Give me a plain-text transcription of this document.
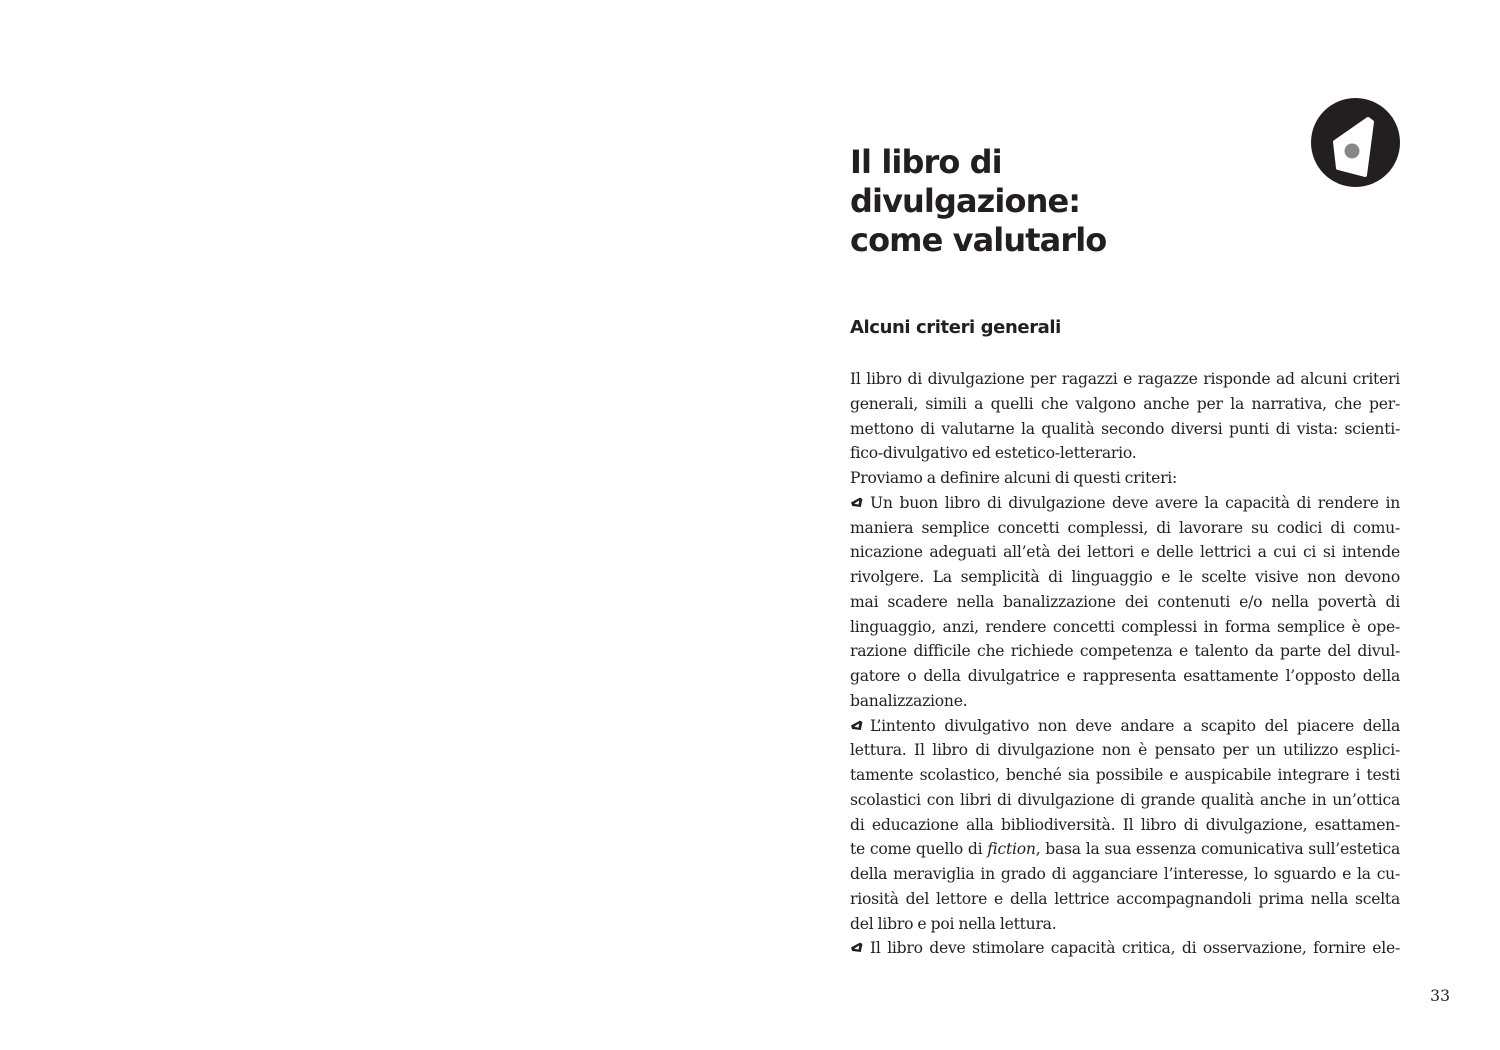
Il libro di
divulgazione:
come valutarlo
Alcuni criteri generali
Il libro di divulgazione per ragazzi e ragazze risponde ad alcuni criteri
generali, simili a quelli che valgono anche per la narrativa, che per-
mettono di valutarne la qualità secondo diversi punti di vista: scienti-
fico-divulgativo ed estetico-letterario.
Proviamo a definire alcuni di questi criteri:
Un buon libro di divulgazione deve avere la capacità di rendere in
maniera semplice concetti complessi, di lavorare su codici di comu-
nicazione adeguati all’età dei lettori e delle lettrici a cui ci si intende
rivolgere. La semplicità di linguaggio e le scelte visive non devono
mai scadere nella banalizzazione dei contenuti e/o nella povertà di
linguaggio, anzi, rendere concetti complessi in forma semplice è ope-
razione difficile che richiede competenza e talento da parte del divul-
gatore o della divulgatrice e rappresenta esattamente l’opposto della
banalizzazione.
L’intento divulgativo non deve andare a scapito del piacere della
lettura. Il libro di divulgazione non è pensato per un utilizzo esplici-
tamente scolastico, benché sia possibile e auspicabile integrare i testi
scolastici con libri di divulgazione di grande qualità anche in un’ottica
di educazione alla bibliodiversità. Il libro di divulgazione, esattamen-
te come quello di fiction, basa la sua essenza comunicativa sull’estetica
della meraviglia in grado di agganciare l’interesse, lo sguardo e la cu-
riosità del lettore e della lettrice accompagnandoli prima nella scelta
del libro e poi nella lettura.
Il libro deve stimolare capacità critica, di osservazione, fornire ele-
33
